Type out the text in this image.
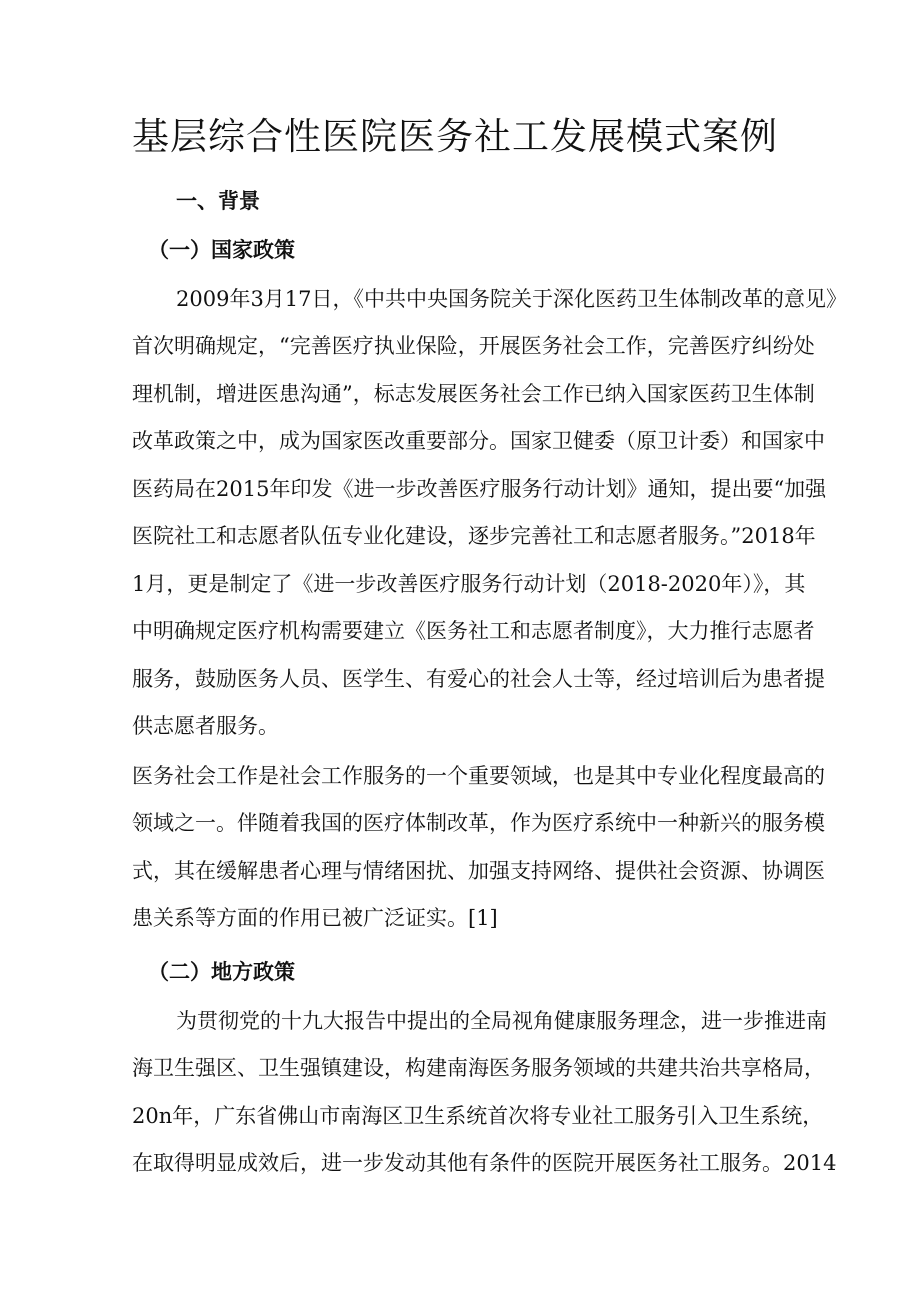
基层综合性医院医务社工发展模式案例
一、背景
（一）国家政策

2009年3月17日，《中共中央国务院关于深化医药卫生体制改革的意见》

首次明确规定，“完善医疗执业保险，开展医务社会工作，完善医疗纠纷处

理机制，增进医患沟通”，标志发展医务社会工作已纳入国家医药卫生体制

改革政策之中，成为国家医改重要部分。国家卫健委（原卫计委）和国家中

医药局在2015年印发《进一步改善医疗服务行动计划》通知，提出要“加强

医院社工和志愿者队伍专业化建设，逐步完善社工和志愿者服务。”2018年

1月，更是制定了《进一步改善医疗服务行动计划（2018-2020年）》，其

中明确规定医疗机构需要建立《医务社工和志愿者制度》，大力推行志愿者

服务，鼓励医务人员、医学生、有爱心的社会人士等，经过培训后为患者提

供志愿者服务。

医务社会工作是社会工作服务的一个重要领域，也是其中专业化程度最高的

领域之一。伴随着我国的医疗体制改革，作为医疗系统中一种新兴的服务模

式，其在缓解患者心理与情绪困扰、加强支持网络、提供社会资源、协调医

患关系等方面的作用已被广泛证实。[1]

（二）地方政策

为贯彻党的十九大报告中提出的全局视角健康服务理念，进一步推进南

海卫生强区、卫生强镇建设，构建南海医务服务领域的共建共治共享格局，

20n年，广东省佛山市南海区卫生系统首次将专业社工服务引入卫生系统，

在取得明显成效后，进一步发动其他有条件的医院开展医务社工服务。2014
